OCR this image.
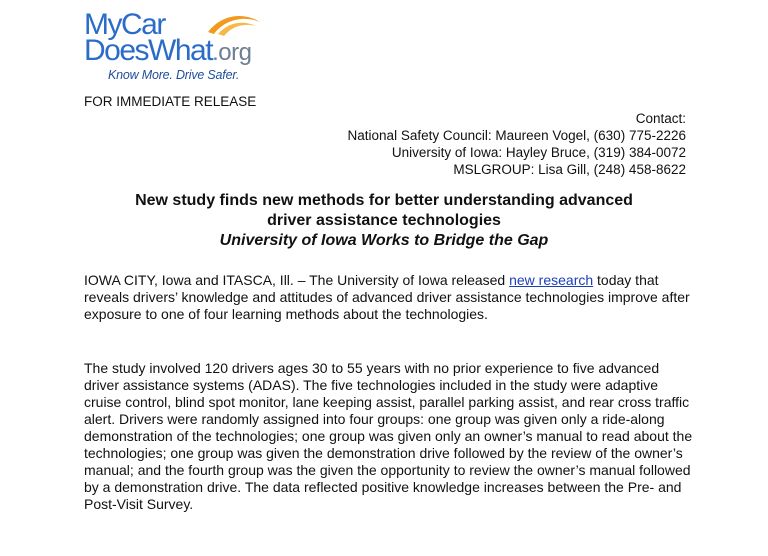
MyCar
DoesWhat.org
Know More. Drive Safer.
FOR IMMEDIATE RELEASE
Contact:
National Safety Council: Maureen Vogel, (630) 775-2226
University of Iowa: Hayley Bruce, (319) 384-0072
MSLGROUP: Lisa Gill, (248) 458-8622
New study finds new methods for better understanding advanced
driver assistance technologies
University of Iowa Works to Bridge the Gap
IOWA CITY, Iowa and ITASCA, Ill. – The University of Iowa released new research today that reveals drivers’ knowledge and attitudes of advanced driver assistance technologies improve after exposure to one of four learning methods about the technologies.
The study involved 120 drivers ages 30 to 55 years with no prior experience to five advanced driver assistance systems (ADAS). The five technologies included in the study were adaptive cruise control, blind spot monitor, lane keeping assist, parallel parking assist, and rear cross traffic alert. Drivers were randomly assigned into four groups: one group was given only a ride-along demonstration of the technologies; one group was given only an owner’s manual to read about the technologies; one group was given the demonstration drive followed by the review of the owner’s manual; and the fourth group was the given the opportunity to review the owner’s manual followed by a demonstration drive. The data reflected positive knowledge increases between the Pre- and Post-Visit Survey.
